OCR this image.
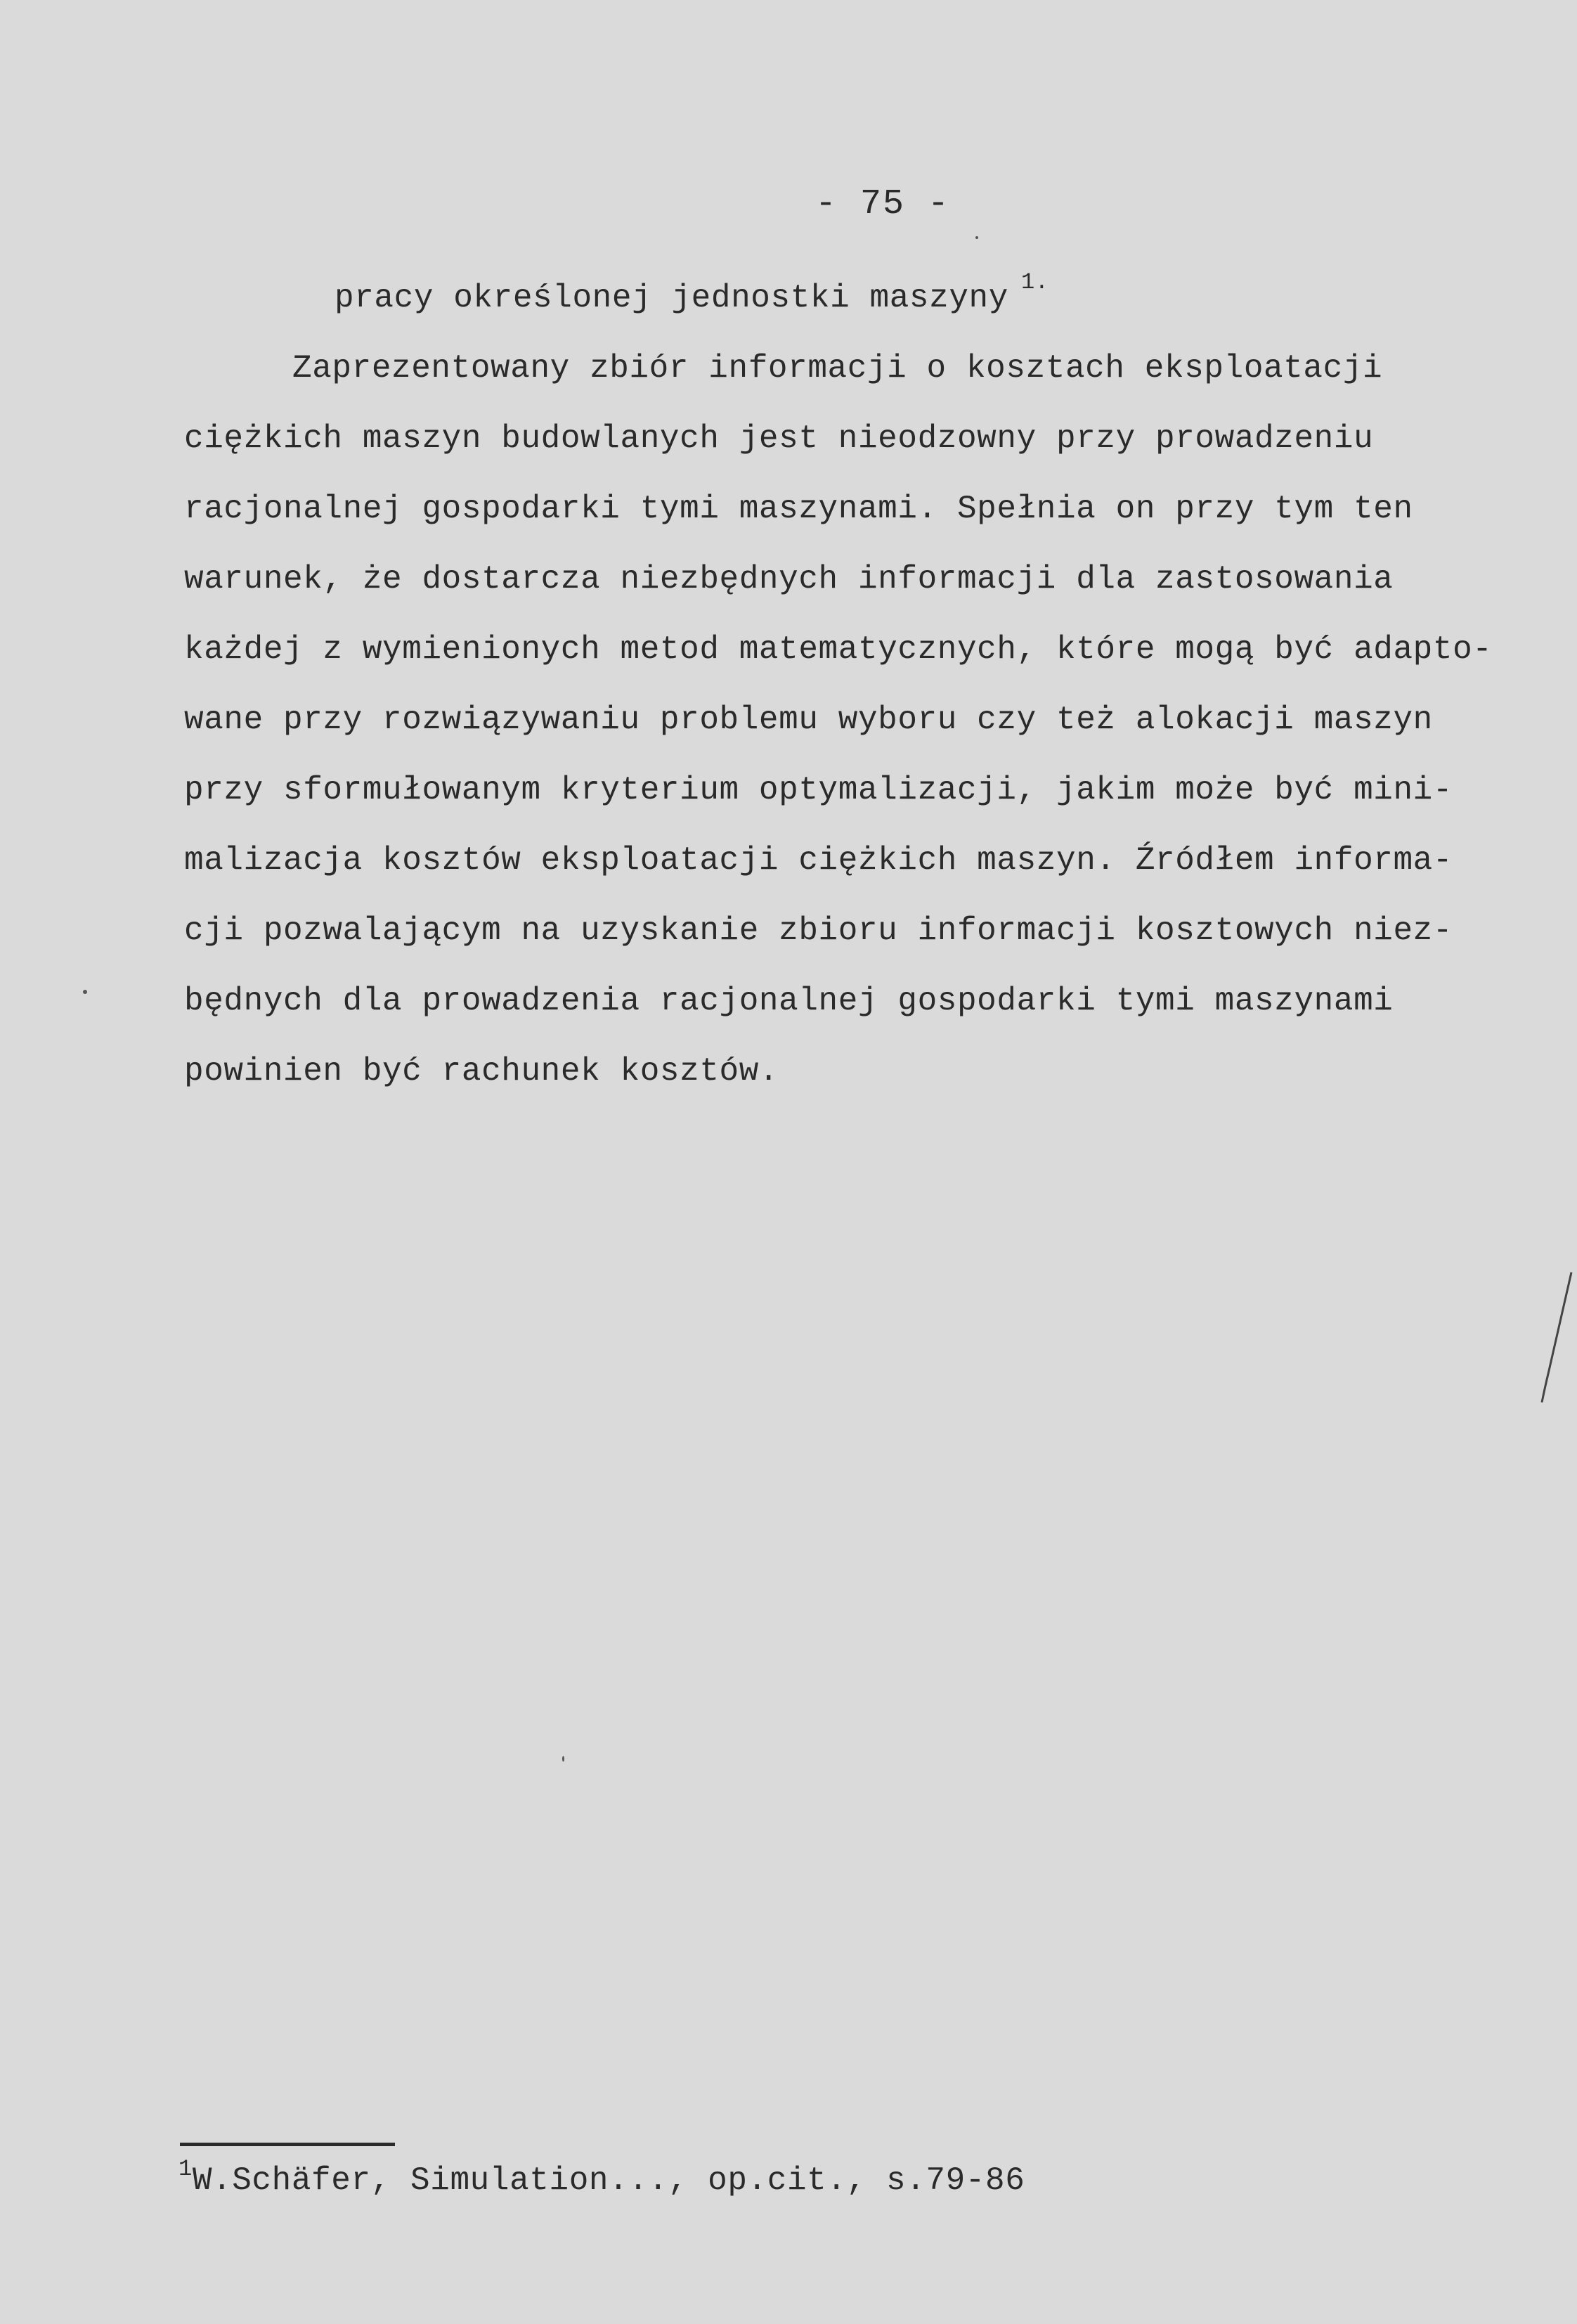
- 75 -
pracy określonej jednostki maszyny $^{1.}$
Zaprezentowany zbiór informacji o kosztach eksploatacji
ciężkich maszyn budowlanych jest nieodzowny przy prowadzeniu
racjonalnej gospodarki tymi maszynami. Spełnia on przy tym ten
warunek, że dostarcza niezbędnych informacji dla zastosowania
każdej z wymienionych metod matematycznych, które mogą być adapto-
wane przy rozwiązywaniu problemu wyboru czy też alokacji maszyn
przy sformułowanym kryterium optymalizacji, jakim może być mini-
malizacja kosztów eksploatacji ciężkich maszyn. Źródłem informa-
cji pozwalającym na uzyskanie zbioru informacji kosztowych niez-
będnych dla prowadzenia racjonalnej gospodarki tymi maszynami
powinien być rachunek kosztów.
$^1$W.Schäfer, Simulation..., op.cit., s.79-86
